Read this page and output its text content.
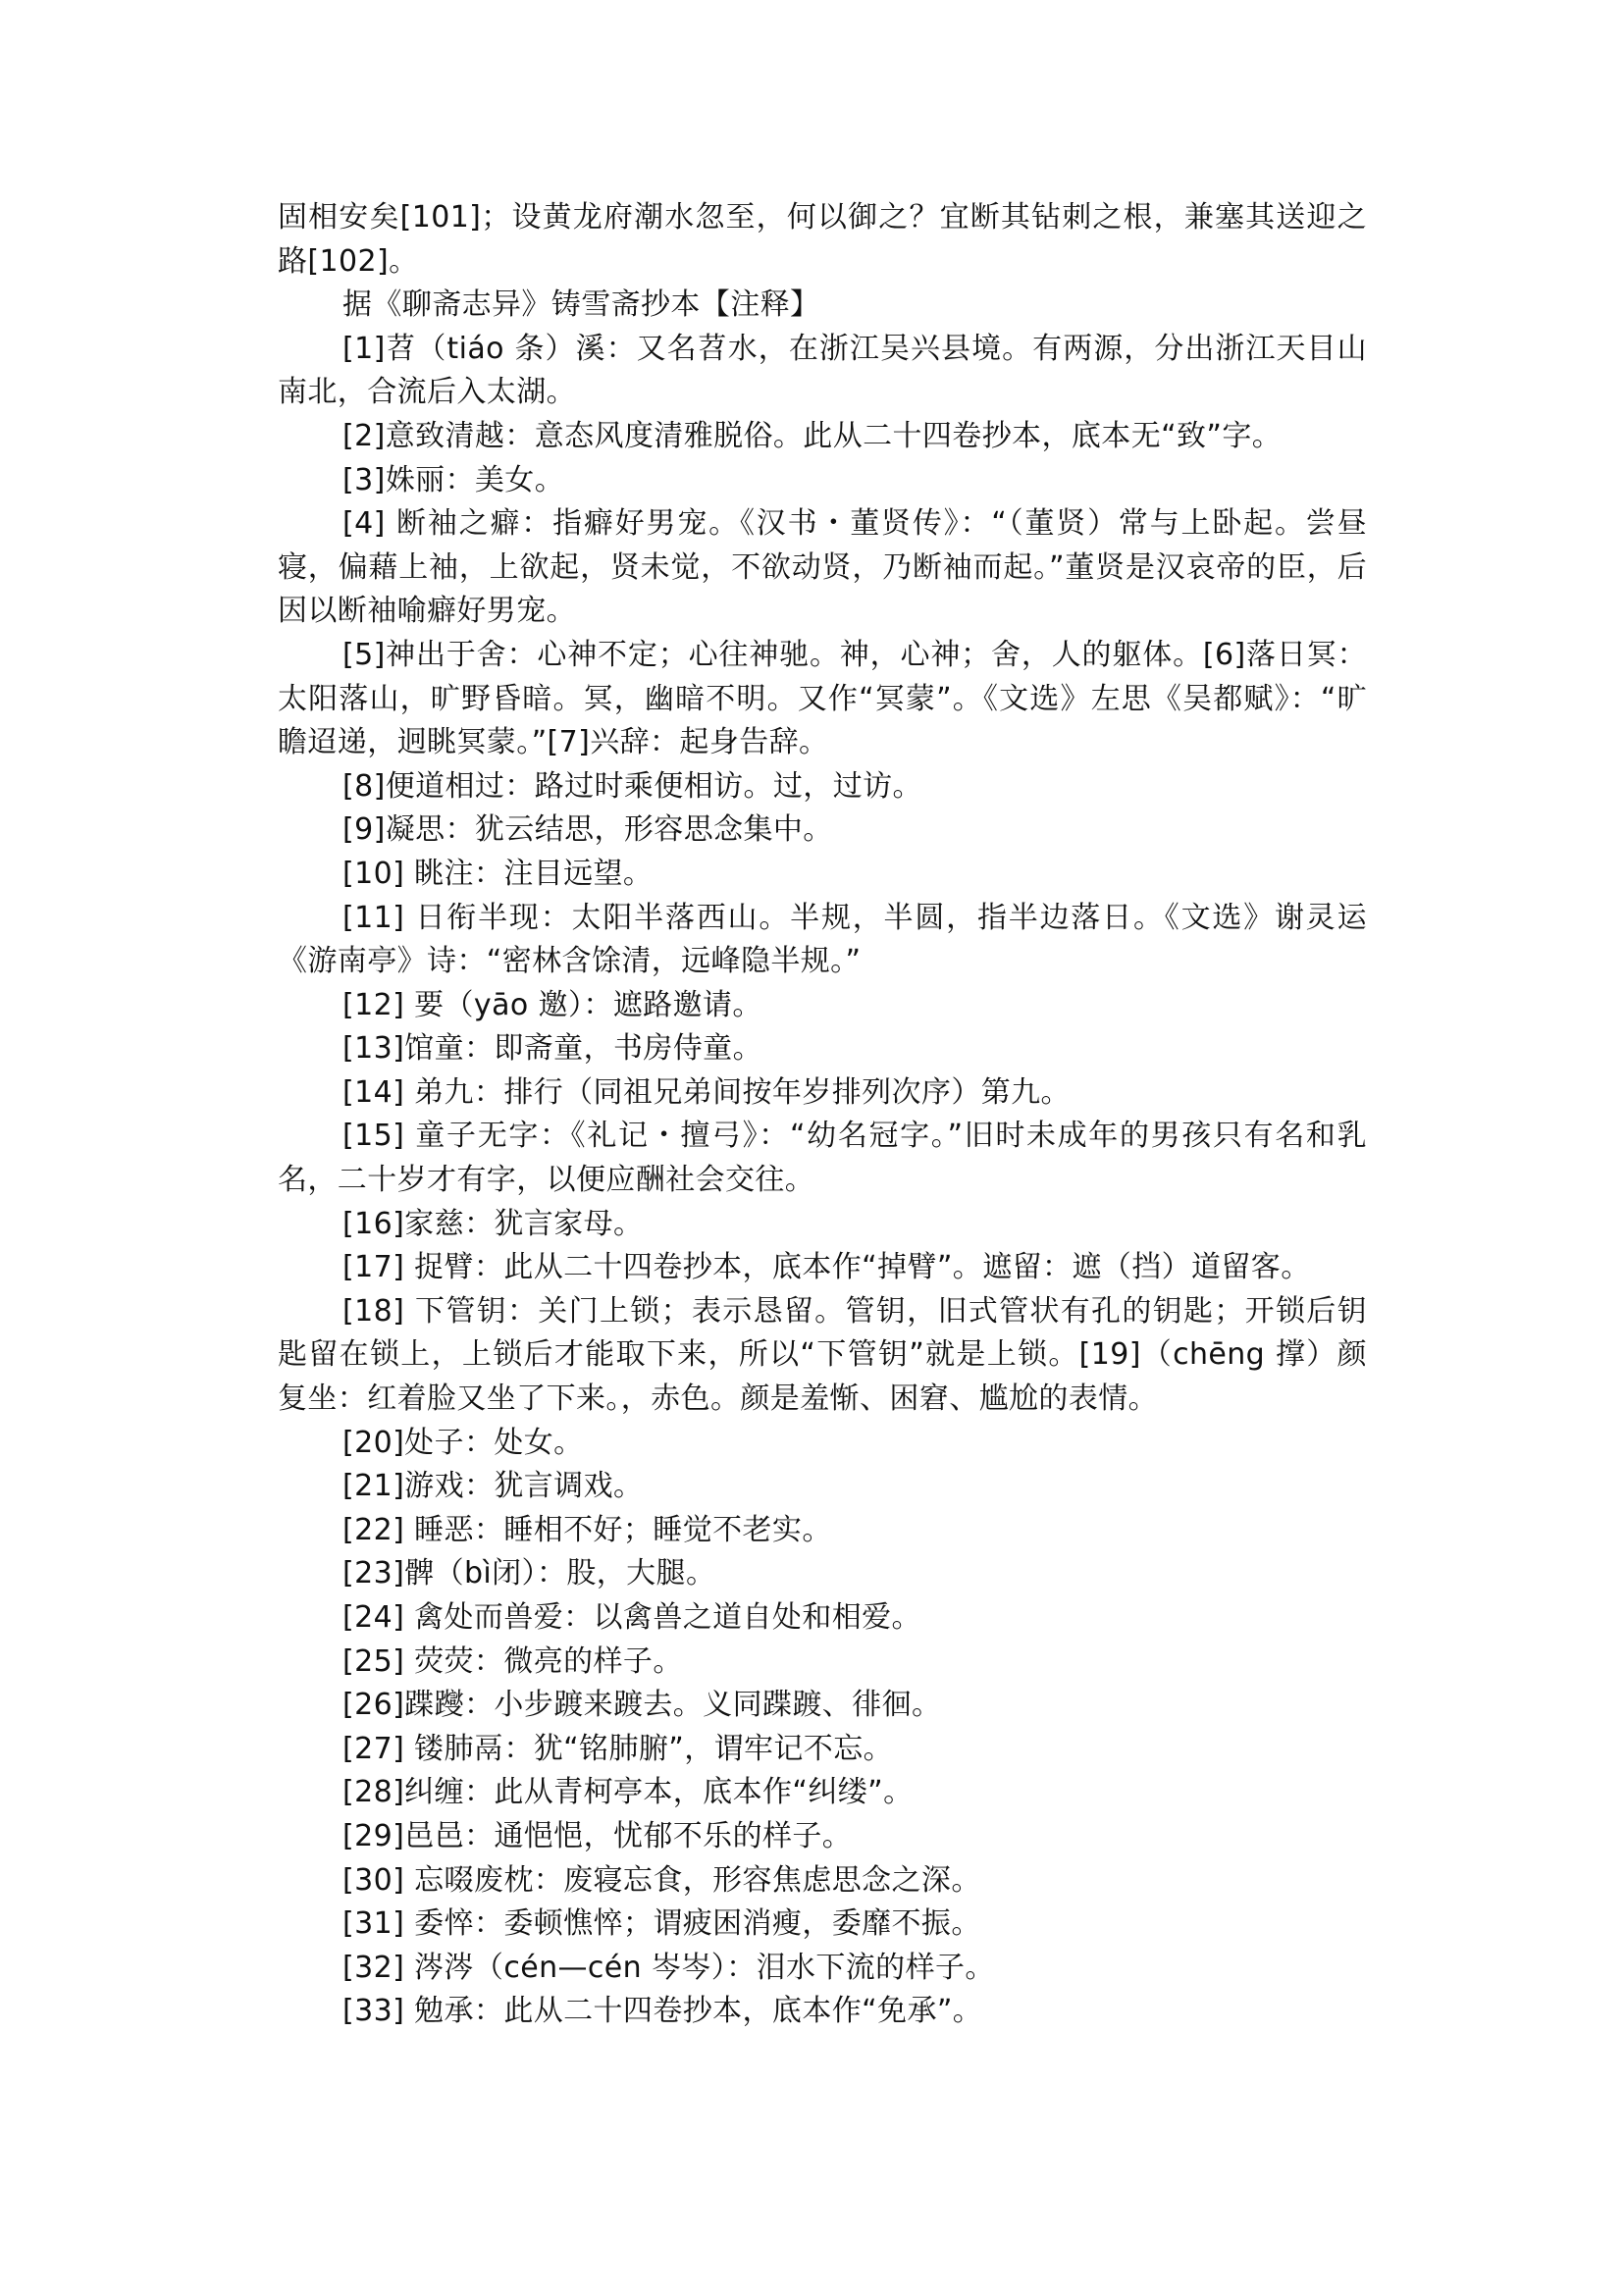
固相安矣[101]；设黄龙府潮水忽至，何以御之？宜断其钻刺之根，兼塞其送迎之路[102]。

据《聊斋志异》铸雪斋抄本【注释】

[1]苕（tiáo 条）溪：又名苕水，在浙江吴兴县境。有两源，分出浙江天目山南北，合流后入太湖。

[2]意致清越：意态风度清雅脱俗。此从二十四卷抄本，底本无“致”字。

[3]姝丽：美女。

[4] 断袖之癖：指癖好男宠。《汉书・董贤传》：“（董贤）常与上卧起。尝昼寝，偏藉上袖，上欲起，贤未觉，不欲动贤，乃断袖而起。”董贤是汉哀帝的臣，后因以断袖喻癖好男宠。

[5]神出于舍：心神不定；心往神驰。神，心神；舍，人的躯体。[6]落日冥：太阳落山，旷野昏暗。冥，幽暗不明。又作“冥蒙”。《文选》左思《吴都赋》：“旷瞻迢递，迥眺冥蒙。”[7]兴辞：起身告辞。

[8]便道相过：路过时乘便相访。过，过访。

[9]凝思：犹云结思，形容思念集中。

[10] 眺注：注目远望。

[11] 日衔半现：太阳半落西山。半规，半圆，指半边落日。《文选》谢灵运《游南亭》诗：“密林含馀清，远峰隐半规。”

[12] 要（yāo 邀）：遮路邀请。

[13]馆童：即斋童，书房侍童。

[14] 弟九：排行（同祖兄弟间按年岁排列次序）第九。

[15] 童子无字：《礼记・擅弓》：“幼名冠字。”旧时未成年的男孩只有名和乳名，二十岁才有字，以便应酬社会交往。

[16]家慈：犹言家母。

[17] 捉臂：此从二十四卷抄本，底本作“掉臂”。遮留：遮（挡）道留客。

[18] 下管钥：关门上锁；表示恳留。管钥，旧式管状有孔的钥匙；开锁后钥匙留在锁上，上锁后才能取下来，所以“下管钥”就是上锁。[19]（chēng 撑）颜复坐：红着脸又坐了下来。，赤色。颜是羞惭、困窘、尴尬的表情。

[20]处子：处女。

[21]游戏：犹言调戏。

[22] 睡恶：睡相不好；睡觉不老实。

[23]髀（bì闭）：股，大腿。

[24] 禽处而兽爱：以禽兽之道自处和相爱。

[25] 荧荧：微亮的样子。

[26]蹀躞：小步踱来踱去。义同蹀踱、徘徊。

[27] 镂肺鬲：犹“铭肺腑”，谓牢记不忘。

[28]纠缠：此从青柯亭本，底本作“纠缕”。

[29]邑邑：通悒悒，忧郁不乐的样子。

[30] 忘啜废枕：废寝忘食，形容焦虑思念之深。

[31] 委悴：委顿憔悴；谓疲困消瘦，委靡不振。

[32] 涔涔（cén—cén 岑岑）：泪水下流的样子。

[33] 勉承：此从二十四卷抄本，底本作“免承”。
